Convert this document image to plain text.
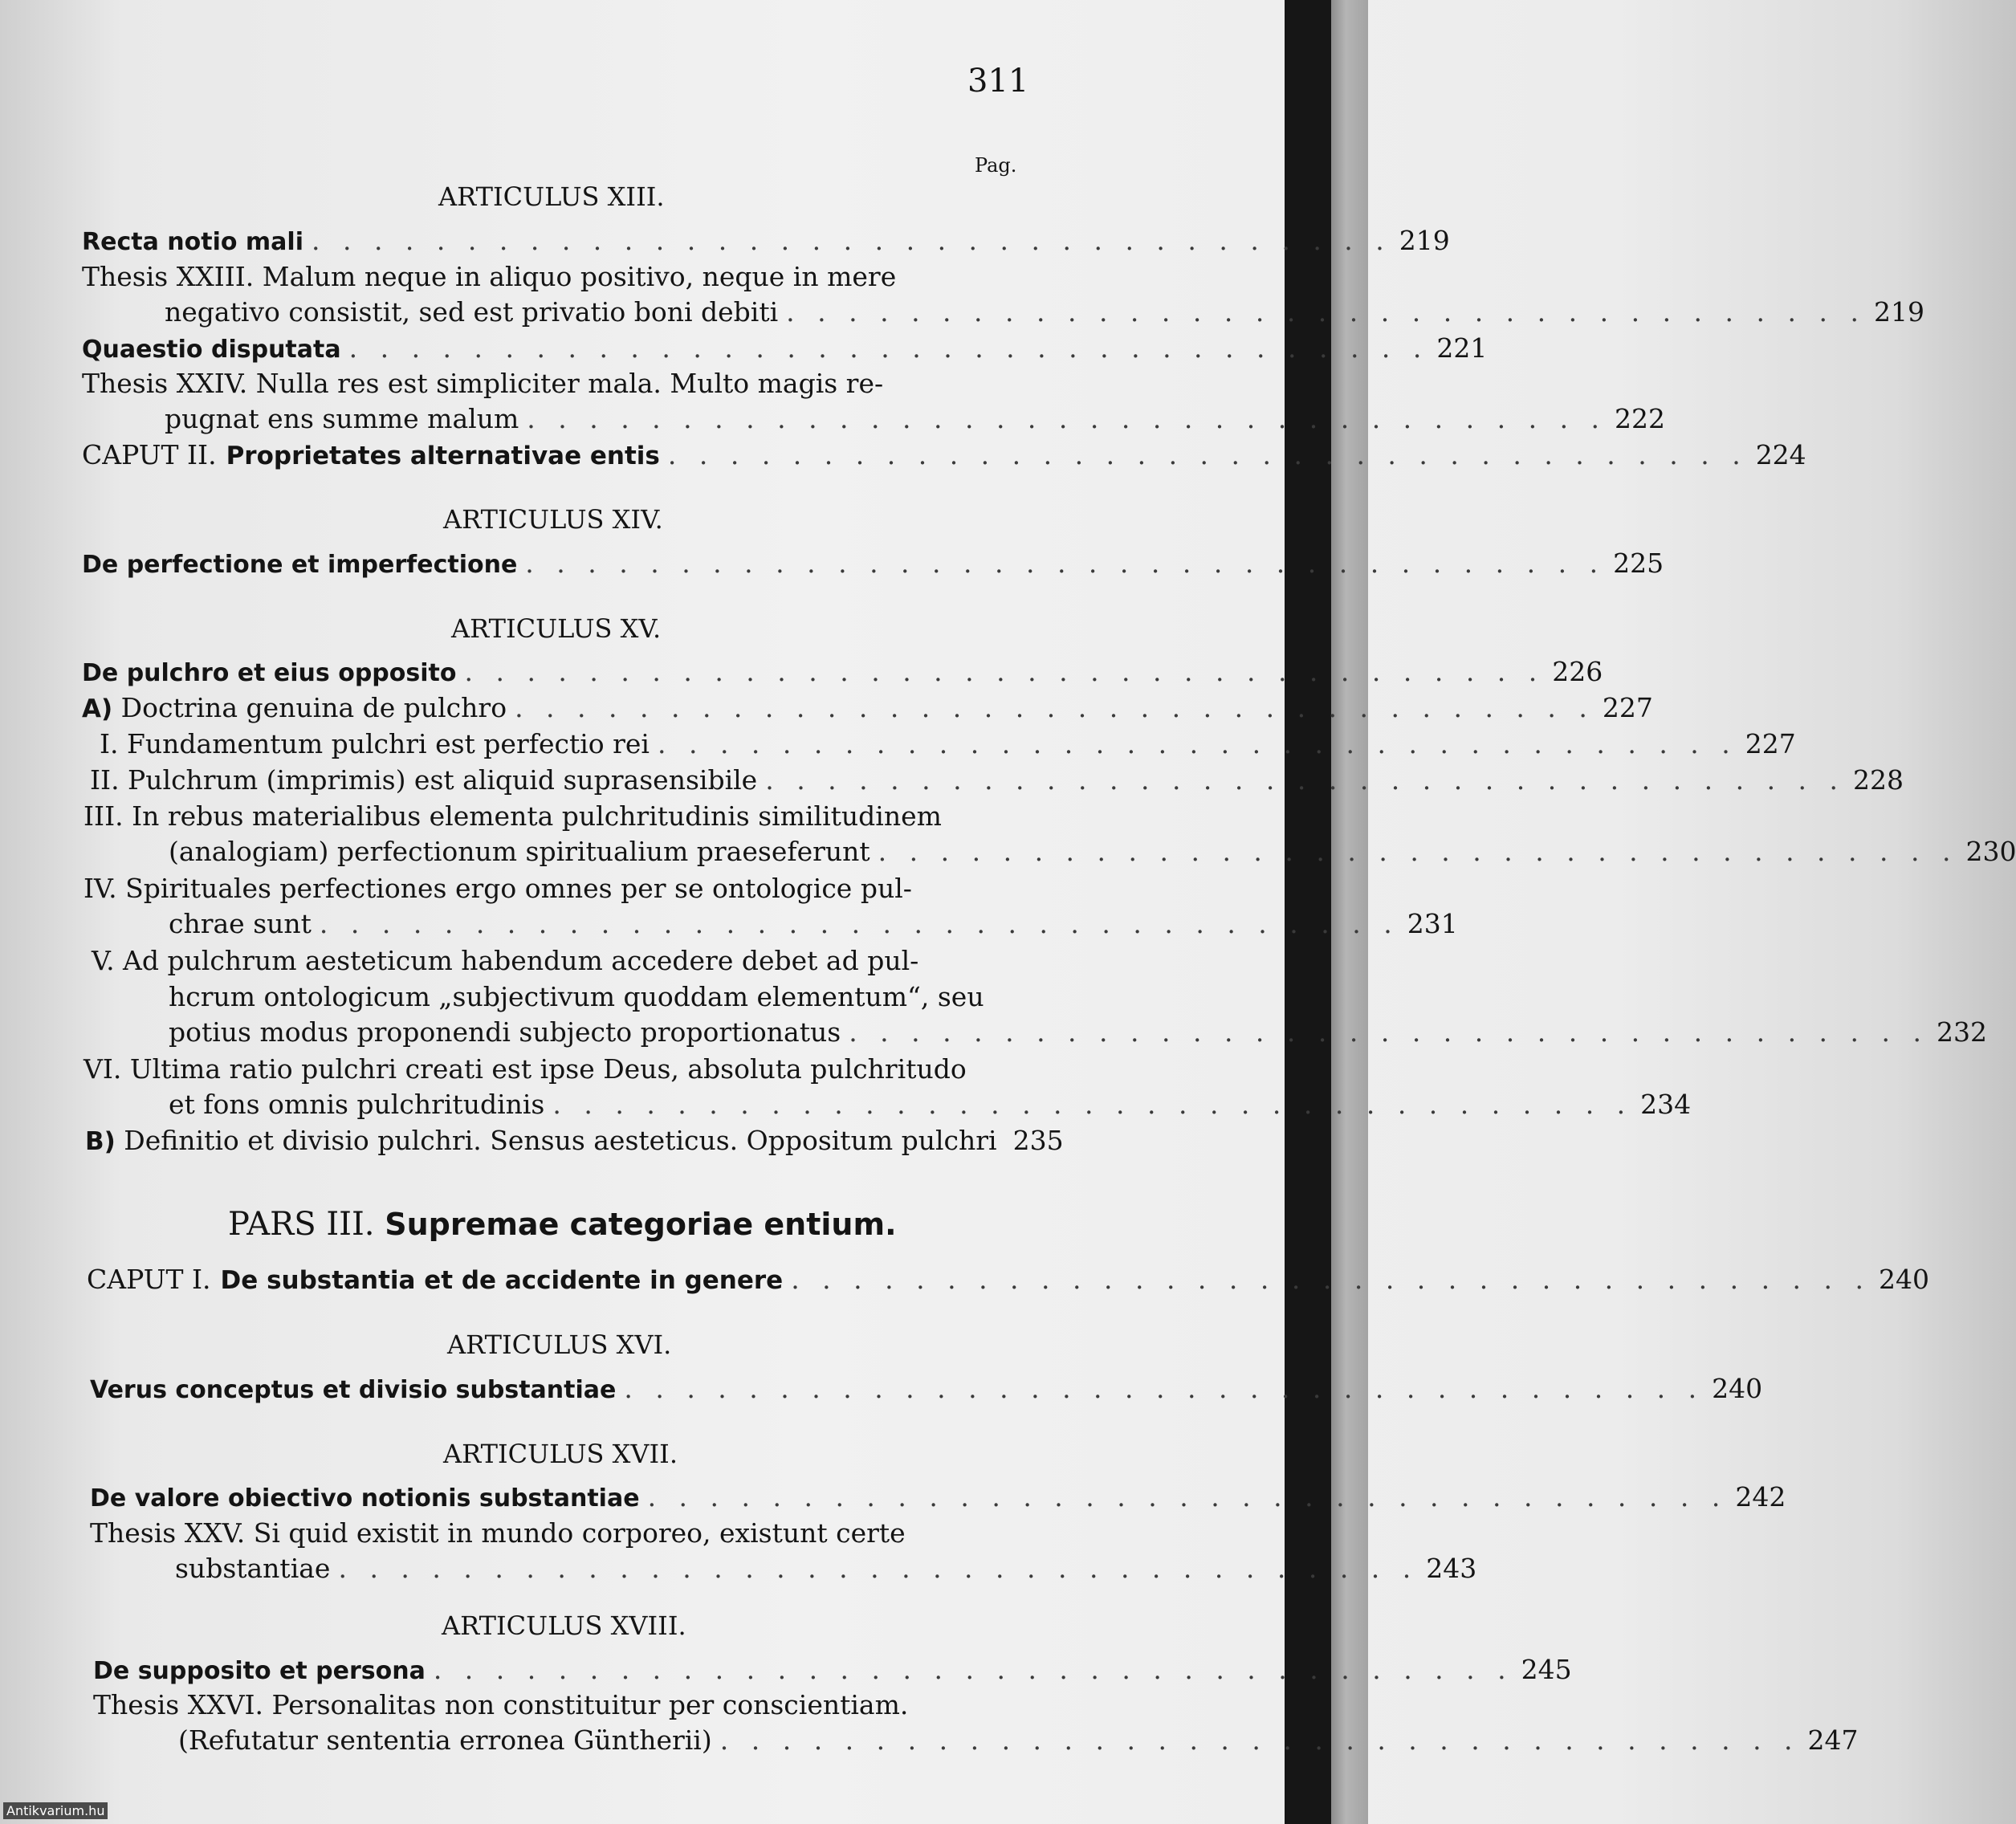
311
Pag.
ARTICULUS XIII.
Recta notio mali . . . . . . . . . . . . . . . . . . . . . . . . . . . . . . . . . . . 219
Thesis XXIII. Malum neque in aliquo positivo, neque in mere
negativo consistit, sed est privatio boni debiti . . . . . . . . . . . . . . . . . . . . . . . . . . . . . . . . . . . 219
Quaestio disputata . . . . . . . . . . . . . . . . . . . . . . . . . . . . . . . . . . . 221
Thesis XXIV. Nulla res est simpliciter mala. Multo magis re-
pugnat ens summe malum . . . . . . . . . . . . . . . . . . . . . . . . . . . . . . . . . . . 222
CAPUT II. Proprietates alternativae entis . . . . . . . . . . . . . . . . . . . . . . . . . . . . . . . . . . . 224
ARTICULUS XIV.
De perfectione et imperfectione . . . . . . . . . . . . . . . . . . . . . . . . . . . . . . . . . . . 225
ARTICULUS XV.
De pulchro et eius opposito . . . . . . . . . . . . . . . . . . . . . . . . . . . . . . . . . . . 226
A) Doctrina genuina de pulchro . . . . . . . . . . . . . . . . . . . . . . . . . . . . . . . . . . . 227
I. Fundamentum pulchri est perfectio rei . . . . . . . . . . . . . . . . . . . . . . . . . . . . . . . . . . . 227
II. Pulchrum (imprimis) est aliquid suprasensibile . . . . . . . . . . . . . . . . . . . . . . . . . . . . . . . . . . . 228
III. In rebus materialibus elementa pulchritudinis similitudinem
(analogiam) perfectionum spiritualium praeseferunt . . . . . . . . . . . . . . . . . . . . . . . . . . . . . . . . . . . 230
IV. Spirituales perfectiones ergo omnes per se ontologice pul-
chrae sunt . . . . . . . . . . . . . . . . . . . . . . . . . . . . . . . . . . . 231
V. Ad pulchrum aesteticum habendum accedere debet ad pul-
hcrum ontologicum „subjectivum quoddam elementum“, seu
potius modus proponendi subjecto proportionatus . . . . . . . . . . . . . . . . . . . . . . . . . . . . . . . . . . . 232
VI. Ultima ratio pulchri creati est ipse Deus, absoluta pulchritudo
et fons omnis pulchritudinis . . . . . . . . . . . . . . . . . . . . . . . . . . . . . . . . . . . 234
B) Definitio et divisio pulchri. Sensus aesteticus. Oppositum pulchri 235
PARS III. Supremae categoriae entium.
CAPUT I. De substantia et de accidente in genere . . . . . . . . . . . . . . . . . . . . . . . . . . . . . . . . . . . 240
ARTICULUS XVI.
Verus conceptus et divisio substantiae . . . . . . . . . . . . . . . . . . . . . . . . . . . . . . . . . . . 240
ARTICULUS XVII.
De valore obiectivo notionis substantiae . . . . . . . . . . . . . . . . . . . . . . . . . . . . . . . . . . . 242
Thesis XXV. Si quid existit in mundo corporeo, existunt certe
substantiae . . . . . . . . . . . . . . . . . . . . . . . . . . . . . . . . . . . 243
ARTICULUS XVIII.
De supposito et persona . . . . . . . . . . . . . . . . . . . . . . . . . . . . . . . . . . . 245
Thesis XXVI. Personalitas non constituitur per conscientiam.
(Refutatur sententia erronea Güntherii) . . . . . . . . . . . . . . . . . . . . . . . . . . . . . . . . . . . 247
Antikvarium.hu
